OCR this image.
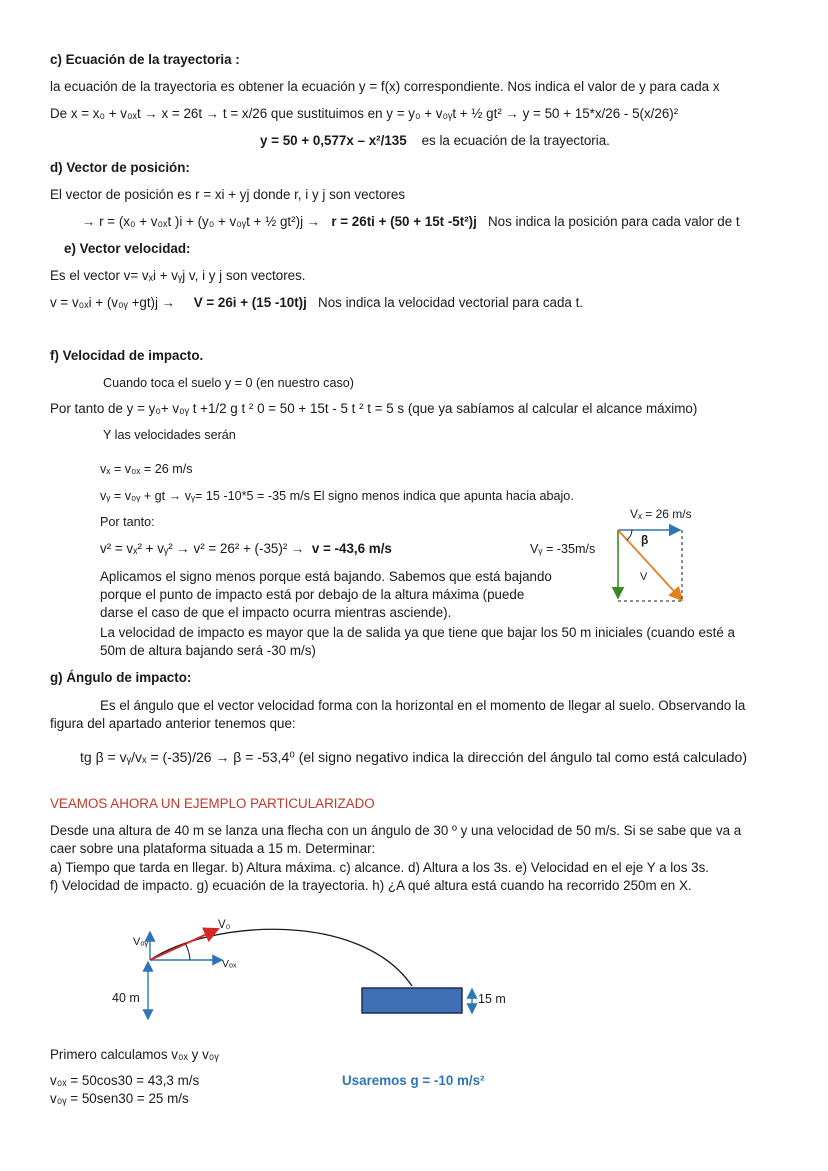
c) Ecuación de la trayectoria :
la ecuación de la trayectoria es obtener la ecuación y = f(x) correspondiente. Nos indica el valor de y para cada x
De x = x₀ + v₀ₓt → x = 26t → t = x/26 que sustituimos en y = y₀ + v₀ᵧt + ½ gt² → y = 50 + 15*x/26 - 5(x/26)²
y = 50 + 0,577x – x²/135 es la ecuación de la trayectoria.
d) Vector de posición:
El vector de posición es r = xi + yj donde r, i y j son vectores
→ r = (x₀ + v₀ₓt )i + (y₀ + v₀ᵧt + ½ gt²)j → r = 26ti + (50 + 15t -5t²)j Nos indica la posición para cada valor de t
e) Vector velocidad:
Es el vector v= vₓi + vᵧj v, i y j son vectores.
v = v₀ₓi + (v₀ᵧ +gt)j → V = 26i + (15 -10t)j Nos indica la velocidad vectorial para cada t.
f) Velocidad de impacto.
Cuando toca el suelo y = 0 (en nuestro caso)
Por tanto de y = y₀+ v₀ᵧ t +1/2 g t ² 0 = 50 + 15t - 5 t ² t = 5 s (que ya sabíamos al calcular el alcance máximo)
Y las velocidades serán
vₓ = v₀ₓ = 26 m/s
vᵧ = v₀ᵧ + gt → vᵧ= 15 -10*5 = -35 m/s El signo menos indica que apunta hacia abajo.
Por tanto:
v² = vₓ² + vᵧ² → v² = 26² + (-35)² → v = -43,6 m/s
Aplicamos el signo menos porque está bajando. Sabemos que está bajando
porque el punto de impacto está por debajo de la altura máxima (puede
darse el caso de que el impacto ocurra mientras asciende).
La velocidad de impacto es mayor que la de salida ya que tiene que bajar los 50 m iniciales (cuando esté a
50m de altura bajando será -30 m/s)
Vₓ = 26 m/s
β
V
Vᵧ = -35m/s
g) Ángulo de impacto:
Es el ángulo que el vector velocidad forma con la horizontal en el momento de llegar al suelo. Observando la
figura del apartado anterior tenemos que:
tg β = vᵧ/vₓ = (-35)/26 → β = -53,4⁰ (el signo negativo indica la dirección del ángulo tal como está calculado)
VEAMOS AHORA UN EJEMPLO PARTICULARIZADO
Desde una altura de 40 m se lanza una flecha con un ángulo de 30 º y una velocidad de 50 m/s. Si se sabe que va a
caer sobre una plataforma situada a 15 m. Determinar:
a) Tiempo que tarda en llegar. b) Altura máxima. c) alcance. d) Altura a los 3s. e) Velocidad en el eje Y a los 3s.
f) Velocidad de impacto. g) ecuación de la trayectoria. h) ¿A qué altura está cuando ha recorrido 250m en X.
40 m
Vₒᵧ
Vₒₓ
V₀
15 m
Primero calculamos v₀ₓ y v₀ᵧ
v₀ₓ = 50cos30 = 43,3 m/s
v₀ᵧ = 50sen30 = 25 m/s
Usaremos g = -10 m/s²
